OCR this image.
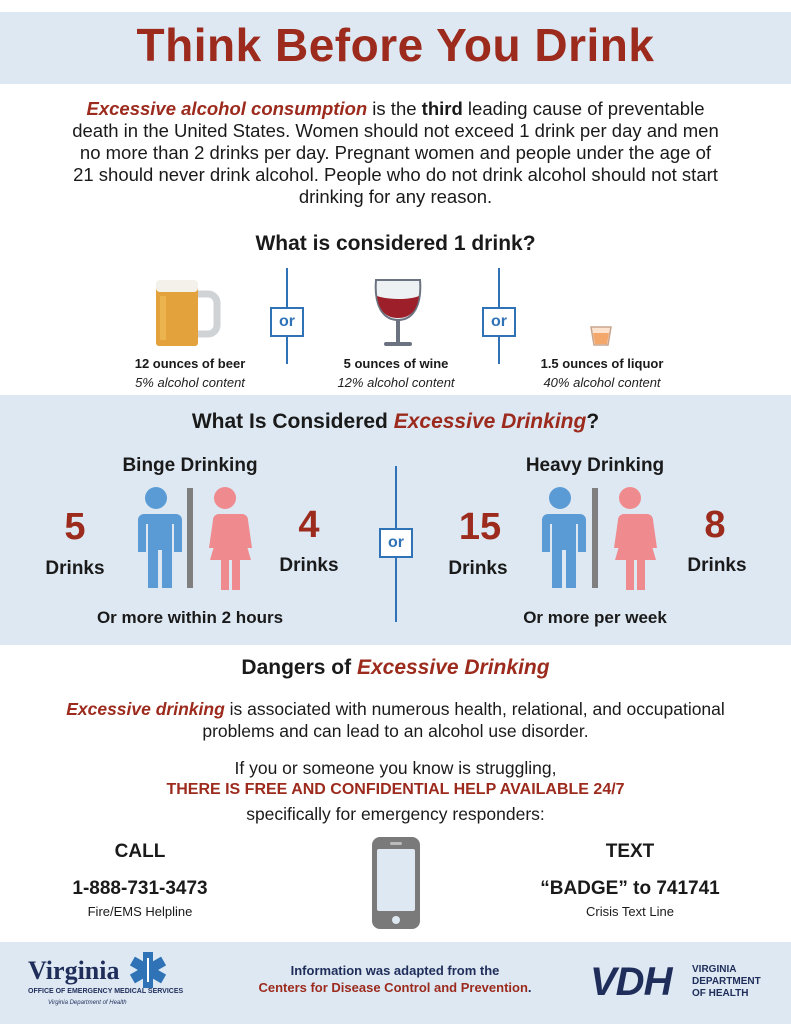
Think Before You Drink
Excessive alcohol consumption is the third leading cause of preventable death in the United States. Women should not exceed 1 drink per day and men no more than 2 drinks per day. Pregnant women and people under the age of 21 should never drink alcohol. People who do not drink alcohol should not start drinking for any reason.
What is considered 1 drink?
or	or
12 ounces of beer
5% alcohol content
5 ounces of wine
12% alcohol content
1.5 ounces of liquor
40% alcohol content
What Is Considered Excessive Drinking?
Binge Drinking
5
Drinks
4
Drinks
Or more within 2 hours
or
Heavy Drinking
15
Drinks
8
Drinks
Or more per week
Dangers of Excessive Drinking
Excessive drinking is associated with numerous health, relational, and occupational problems and can lead to an alcohol use disorder.
If you or someone you know is struggling,
THERE IS FREE AND CONFIDENTIAL HELP AVAILABLE 24/7
specifically for emergency responders:
CALL
1-888-731-3473
Fire/EMS Helpline
TEXT
“BADGE” to 741741
Crisis Text Line
Virginia
OFFICE OF EMERGENCY MEDICAL SERVICES
Virginia Department of Health
Information was adapted from the
Centers for Disease Control and Prevention.	VDH VIRGINIA
DEPARTMENT
OF HEALTH
